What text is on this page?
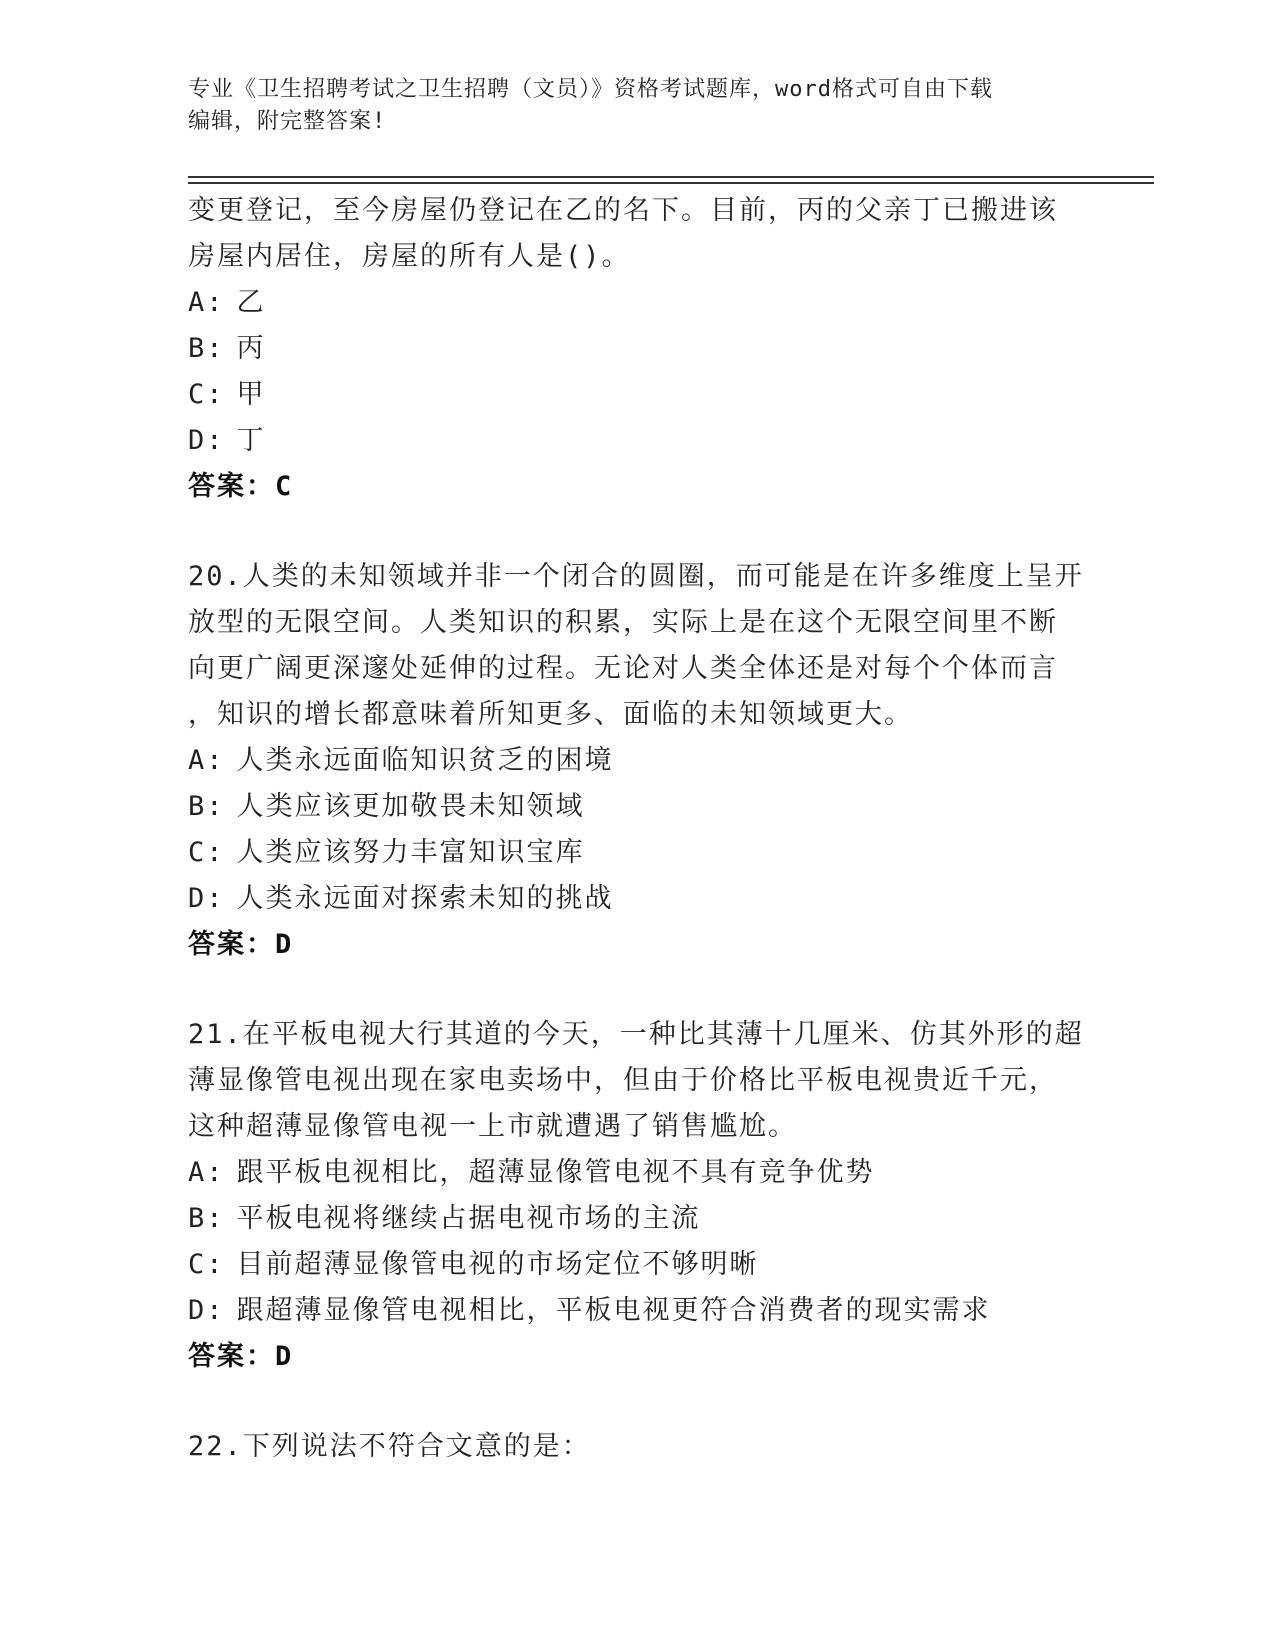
专业《卫生招聘考试之卫生招聘（文员）》资格考试题库，word格式可自由下载
编辑，附完整答案!
变更登记，至今房屋仍登记在乙的名下。目前，丙的父亲丁已搬进该
房屋内居住，房屋的所有人是()。
A: 乙
B: 丙
C: 甲
D: 丁
答案：C
20.人类的未知领域并非一个闭合的圆圈，而可能是在许多维度上呈开
放型的无限空间。人类知识的积累，实际上是在这个无限空间里不断
向更广阔更深邃处延伸的过程。无论对人类全体还是对每个个体而言
，知识的增长都意味着所知更多、面临的未知领域更大。
A: 人类永远面临知识贫乏的困境
B: 人类应该更加敬畏未知领域
C: 人类应该努力丰富知识宝库
D: 人类永远面对探索未知的挑战
答案：D
21.在平板电视大行其道的今天，一种比其薄十几厘米、仿其外形的超
薄显像管电视出现在家电卖场中，但由于价格比平板电视贵近千元，
这种超薄显像管电视一上市就遭遇了销售尴尬。
A: 跟平板电视相比，超薄显像管电视不具有竞争优势
B: 平板电视将继续占据电视市场的主流
C: 目前超薄显像管电视的市场定位不够明晰
D: 跟超薄显像管电视相比，平板电视更符合消费者的现实需求
答案：D
22.下列说法不符合文意的是：
